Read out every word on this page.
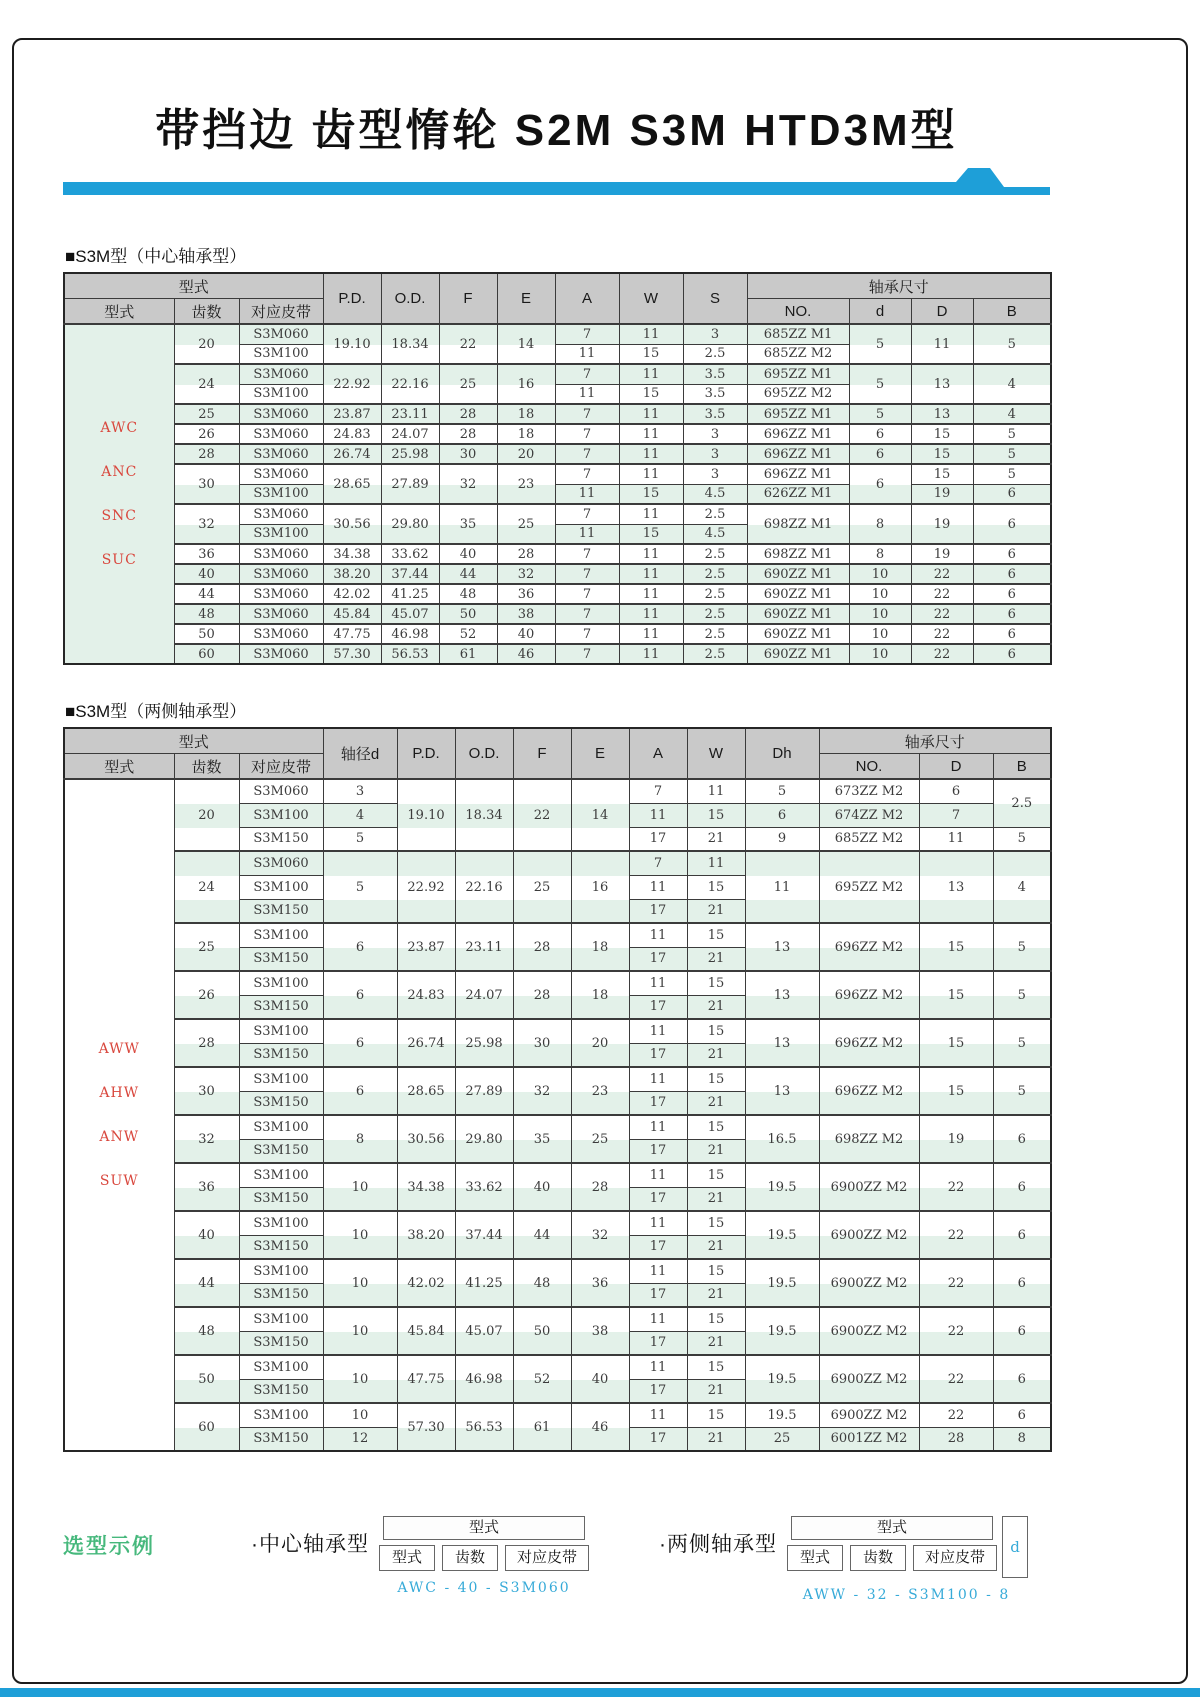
带挡边 齿型惰轮 S2M S3M HTD3M型
■S3M型（中心轴承型）
型式			P.D.	O.D.	F	E	A	W	S	轴承尺寸			
型式	齿数	对应皮带								NO.	d	D	B

AWC
ANC
SNC
SUC	20	S3M060	19.10	18.34	22	14	7	11	3	685ZZ M1	5	11	5
		S3M100					11	15	2.5	685ZZ M2			
	24	S3M060	22.92	22.16	25	16	7	11	3.5	695ZZ M1	5	13	4
		S3M100					11	15	3.5	695ZZ M2			
	25	S3M060	23.87	23.11	28	18	7	11	3.5	695ZZ M1	5	13	4
	26	S3M060	24.83	24.07	28	18	7	11	3	696ZZ M1	6	15	5
	28	S3M060	26.74	25.98	30	20	7	11	3	696ZZ M1	6	15	5
	30	S3M060	28.65	27.89	32	23	7	11	3	696ZZ M1	6	15	5
		S3M100					11	15	4.5	626ZZ M1		19	6
	32	S3M060	30.56	29.80	35	25	7	11	2.5	698ZZ M1	8	19	6
		S3M100					11	15	4.5				
	36	S3M060	34.38	33.62	40	28	7	11	2.5	698ZZ M1	8	19	6
	40	S3M060	38.20	37.44	44	32	7	11	2.5	690ZZ M1	10	22	6
	44	S3M060	42.02	41.25	48	36	7	11	2.5	690ZZ M1	10	22	6
	48	S3M060	45.84	45.07	50	38	7	11	2.5	690ZZ M1	10	22	6
	50	S3M060	47.75	46.98	52	40	7	11	2.5	690ZZ M1	10	22	6
	60	S3M060	57.30	56.53	61	46	7	11	2.5	690ZZ M1	10	22	6
■S3M型（两侧轴承型）
型式			轴径d	P.D.	O.D.	F	E	A	W	Dh	轴承尺寸		
型式	齿数	对应皮带									NO.	D	B

AWW
AHW
ANW
SUW	20	S3M060	3	19.10	18.34	22	14	7	11	5	673ZZ M2	6	2.5
		S3M100	4					11	15	6	674ZZ M2	7	
		S3M150	5					17	21	9	685ZZ M2	11	5
	24	S3M060	5	22.92	22.16	25	16	7	11	11	695ZZ M2	13	4
		S3M100						11	15				
		S3M150						17	21				
	25	S3M100	6	23.87	23.11	28	18	11	15	13	696ZZ M2	15	5
		S3M150						17	21				
	26	S3M100	6	24.83	24.07	28	18	11	15	13	696ZZ M2	15	5
		S3M150						17	21				
	28	S3M100	6	26.74	25.98	30	20	11	15	13	696ZZ M2	15	5
		S3M150						17	21				
	30	S3M100	6	28.65	27.89	32	23	11	15	13	696ZZ M2	15	5
		S3M150						17	21				
	32	S3M100	8	30.56	29.80	35	25	11	15	16.5	698ZZ M2	19	6
		S3M150						17	21				
	36	S3M100	10	34.38	33.62	40	28	11	15	19.5	6900ZZ M2	22	6
		S3M150						17	21				
	40	S3M100	10	38.20	37.44	44	32	11	15	19.5	6900ZZ M2	22	6
		S3M150						17	21				
	44	S3M100	10	42.02	41.25	48	36	11	15	19.5	6900ZZ M2	22	6
		S3M150						17	21				
	48	S3M100	10	45.84	45.07	50	38	11	15	19.5	6900ZZ M2	22	6
		S3M150						17	21				
	50	S3M100	10	47.75	46.98	52	40	11	15	19.5	6900ZZ M2	22	6
		S3M150						17	21				
	60	S3M100	10	57.30	56.53	61	46	11	15	19.5	6900ZZ M2	22	6
		S3M150	12					17	21	25	6001ZZ M2	28	8
选型示例	·中心轴承型
型式
型式	齿数	对应皮带
AWC - 40 - S3M060
·两侧轴承型
型式
型式	齿数	对应皮带
d
AWW - 32 - S3M100 - 8
